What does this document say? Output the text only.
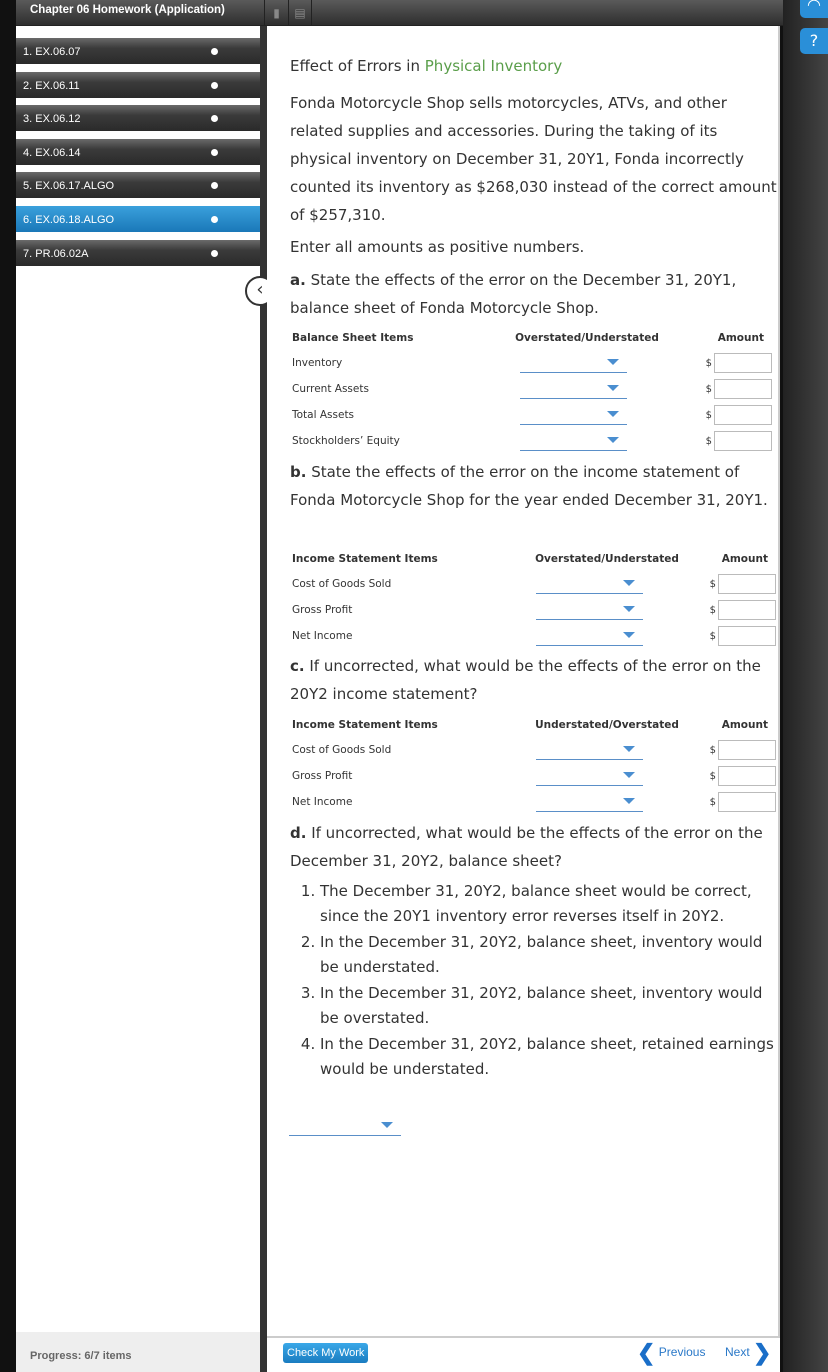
Chapter 06 Homework (Application)	▮	▤
Progress: 6/7 items
1. EX.06.07
2. EX.06.11
3. EX.06.12
4. EX.06.14
5. EX.06.17.ALGO
6. EX.06.18.ALGO
7. PR.06.02A
‹
Effect of Errors in Physical Inventory
Fonda Motorcycle Shop sells motorcycles, ATVs, and other related supplies and accessories. During the taking of its physical inventory on December 31, 20Y1, Fonda incorrectly counted its inventory as $268,030 instead of the correct amount of $257,310.
Enter all amounts as positive numbers.
a. State the effects of the error on the December 31, 20Y1, balance sheet of Fonda Motorcycle Shop.
Balance Sheet Items	Overstated/Understated	Amount
Inventory		$

Current Assets		$

Total Assets		$

Stockholders’ Equity		$
b. State the effects of the error on the income statement of Fonda Motorcycle Shop for the year ended December 31, 20Y1.
Income Statement Items	Overstated/Understated	Amount
Cost of Goods Sold		$

Gross Profit		$

Net Income		$
c. If uncorrected, what would be the effects of the error on the 20Y2 income statement?
Income Statement Items	Understated/Overstated	Amount
Cost of Goods Sold		$

Gross Profit		$

Net Income		$
d. If uncorrected, what would be the effects of the error on the December 31, 20Y2, balance sheet?
1. The December 31, 20Y2, balance sheet would be correct, since the 20Y1 inventory error reverses itself in 20Y2.
2. In the December 31, 20Y2, balance sheet, inventory would be understated.
3. In the December 31, 20Y2, balance sheet, inventory would be overstated.
4. In the December 31, 20Y2, balance sheet, retained earnings would be understated.
Check My Work	❮ Previous Next ❯
◠
?
